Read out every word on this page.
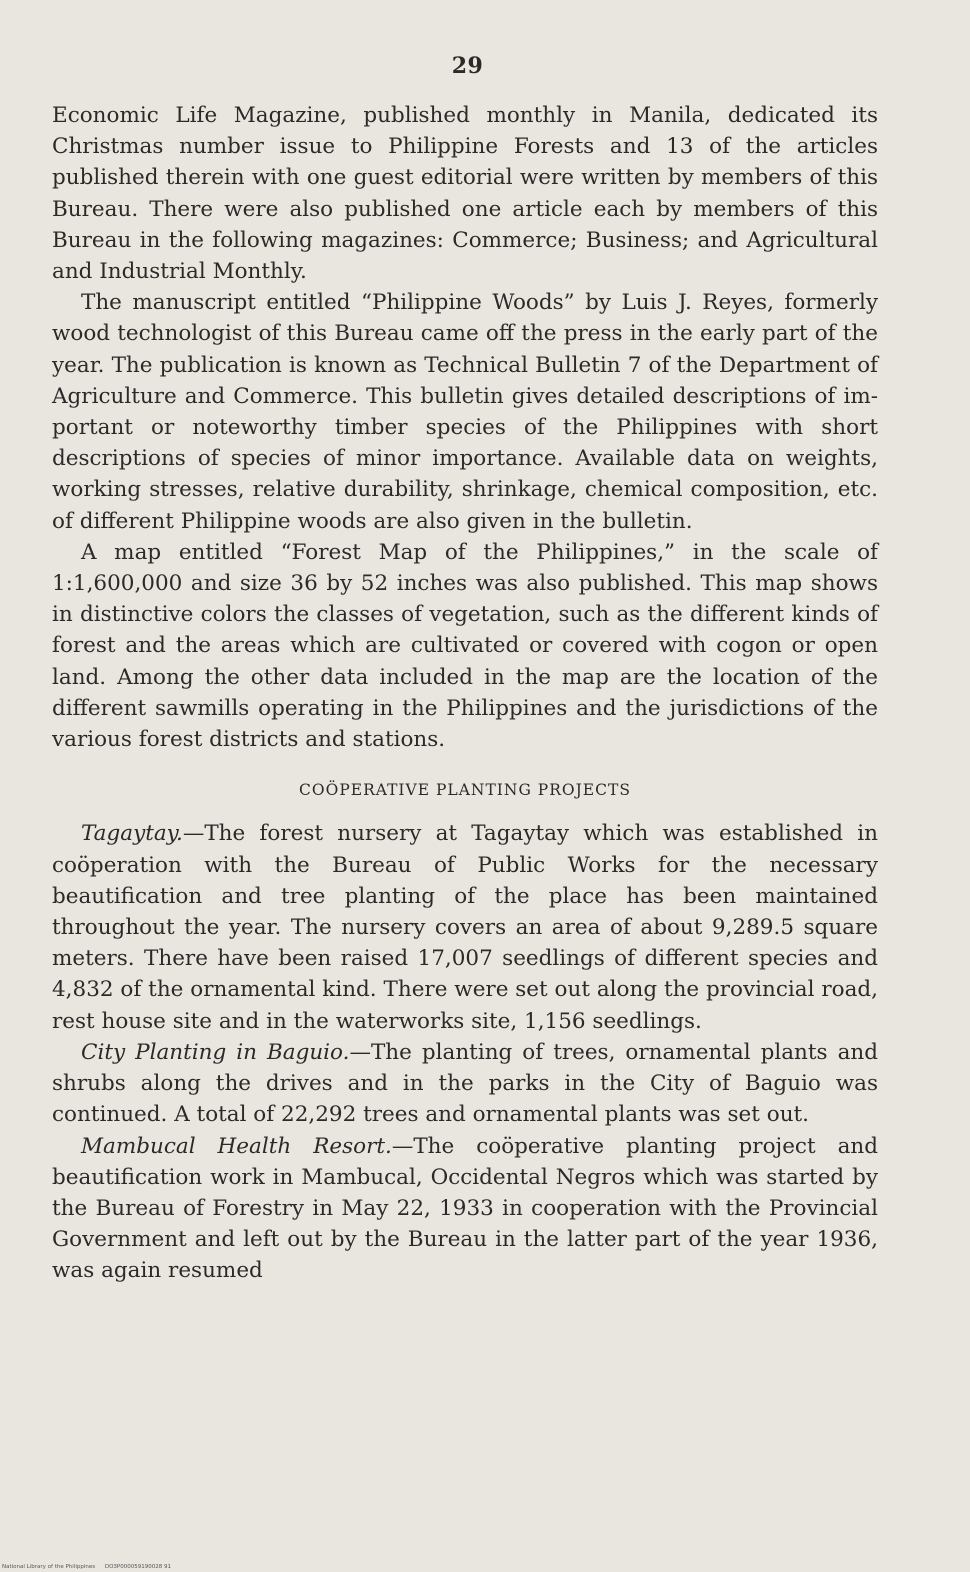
29

Economic Life Magazine, published monthly in Manila, dedicated its Christmas number issue to Philippine Forests and 13 of the articles published therein with one guest editorial were written by members of this Bureau. There were also published one article each by members of this Bureau in the following magazines: Commerce; Business; and Agricultural and Industrial Monthly.

The manuscript entitled “Philippine Woods” by Luis J. Reyes, formerly wood technologist of this Bureau came off the press in the early part of the year. The publication is known as Technical Bulletin 7 of the Department of Agriculture and Commerce. This bulletin gives detailed descriptions of important or noteworthy timber species of the Philippines with short descriptions of species of minor importance. Available data on weights, working stresses, relative durability, shrinkage, chemical composition, etc. of different Philippine woods are also given in the bulletin.

A map entitled “Forest Map of the Philippines,” in the scale of 1:1,600,000 and size 36 by 52 inches was also published. This map shows in distinctive colors the classes of vegetation, such as the different kinds of forest and the areas which are cultivated or covered with cogon or open land. Among the other data included in the map are the location of the different sawmills operating in the Philippines and the jurisdictions of the various forest districts and stations.

COÖPERATIVE PLANTING PROJECTS

Tagaytay.—The forest nursery at Tagaytay which was established in coöperation with the Bureau of Public Works for the necessary beautification and tree planting of the place has been maintained throughout the year. The nursery covers an area of about 9,289.5 square meters. There have been raised 17,007 seedlings of different species and 4,832 of the ornamental kind. There were set out along the provincial road, rest house site and in the waterworks site, 1,156 seedlings.

City Planting in Baguio.—The planting of trees, ornamental plants and shrubs along the drives and in the parks in the City of Baguio was continued. A total of 22,292 trees and ornamental plants was set out.

Mambucal Health Resort.—The coöperative planting project and beautification work in Mambucal, Occidental Negros which was started by the Bureau of Forestry in May 22, 1933 in cooperation with the Provincial Government and left out by the Bureau in the latter part of the year 1936, was again resumed

National Library of the Philippines DO3P000059190028 91
